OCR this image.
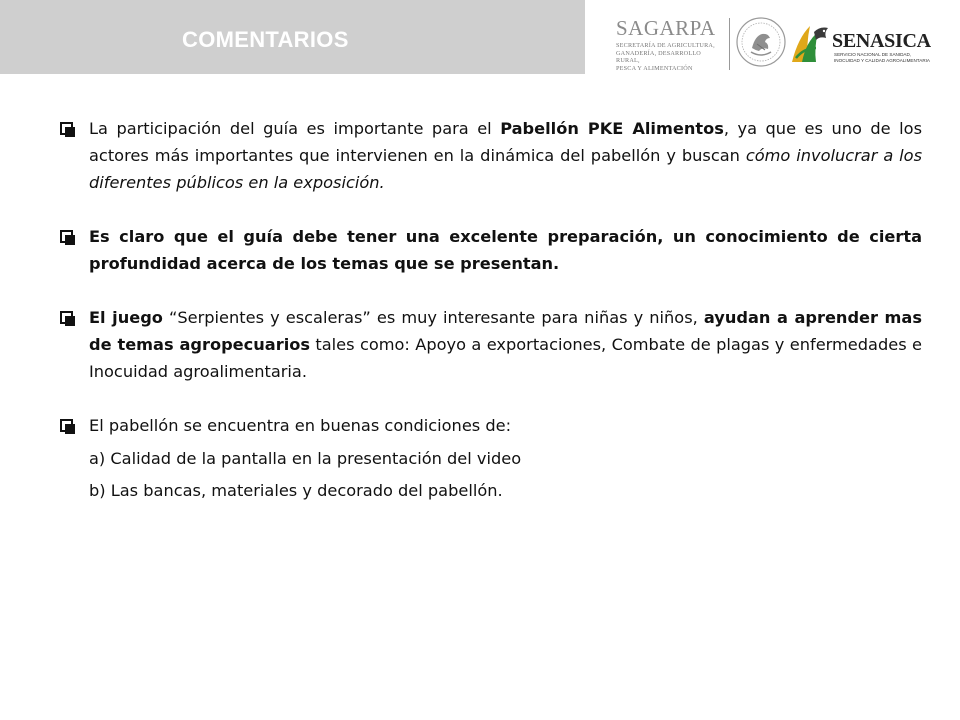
COMENTARIOS	SAGARPA
SECRETARÍA DE AGRICULTURA,
GANADERÍA, DESARROLLO RURAL,
PESCA Y ALIMENTACIÓN
SENASICA
SERVICIO NACIONAL DE SANIDAD,
INOCUIDAD Y CALIDAD AGROALIMENTARIA
La participación del guía es importante para el Pabellón PKE Alimentos, ya que es uno de los actores más importantes que intervienen en la dinámica del pabellón y buscan cómo involucrar a los diferentes públicos en la exposición.
Es claro que el guía debe tener una excelente preparación, un conocimiento de cierta profundidad acerca de los temas que se presentan.
El juego “Serpientes y escaleras” es muy interesante para niñas y niños, ayudan a aprender mas de temas agropecuarios tales como: Apoyo a exportaciones, Combate de plagas y enfermedades e Inocuidad agroalimentaria.
El pabellón se encuentra en buenas condiciones de:
a) Calidad de la pantalla en la presentación del video
b) Las bancas, materiales y decorado del pabellón.
